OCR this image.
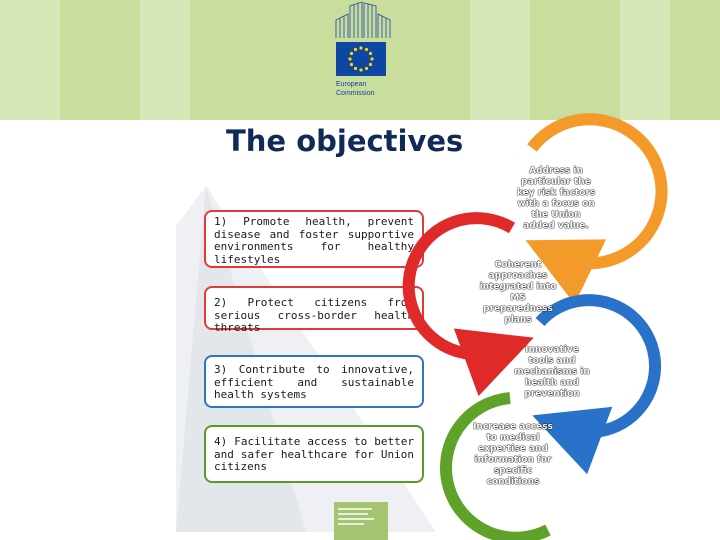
European
Commission
The objectives
1) Promote health, prevent disease and foster supportive environments for healthy lifestyles
2) Protect citizens from serious cross-border health threats
3) Contribute to innovative, efficient and sustainable health systems
4) Facilitate access to better and safer healthcare for Union citizens
Address in particular the key risk factors with a focus on the Union added value.
Coherent approaches integrated into MS preparedness plans
Innovative tools and mechanisms in health and prevention
Increase access to medical expertise and information for specific conditions
